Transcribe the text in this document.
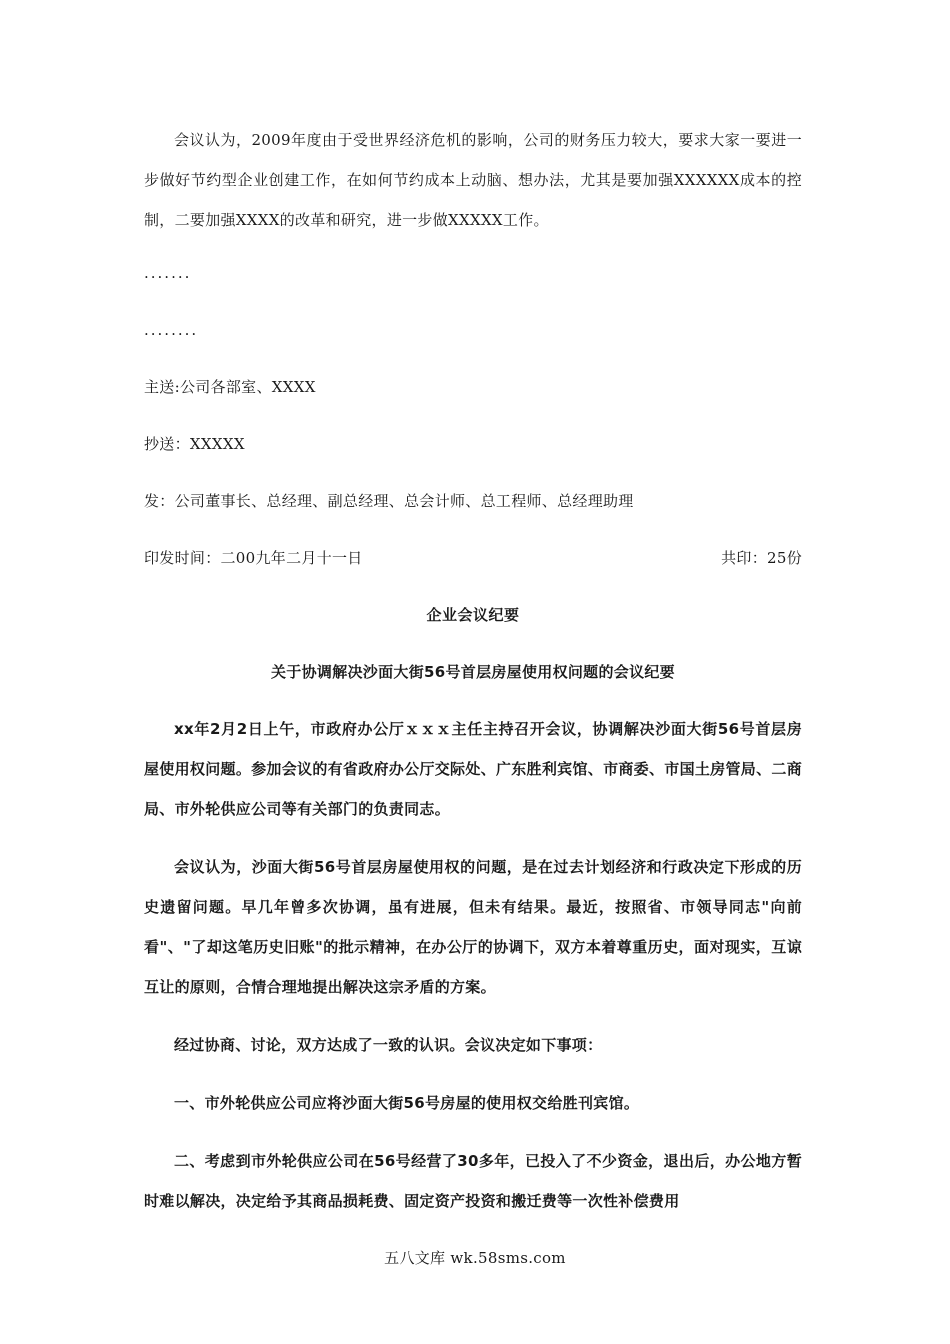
会议认为，2009年度由于受世界经济危机的影响，公司的财务压力较大，要求大家一要进一步做好节约型企业创建工作，在如何节约成本上动脑、想办法，尤其是要加强XXXXXX成本的控制，二要加强XXXX的改革和研究，进一步做XXXXX工作。

.......

........

主送:公司各部室、XXXX

抄送：XXXXX

发：公司董事长、总经理、副总经理、总会计师、总工程师、总经理助理

印发时间：二00九年二月十一日	共印：25份

企业会议纪要

关于协调解决沙面大街56号首层房屋使用权问题的会议纪要

xx年2月2日上午，市政府办公厅ｘｘｘ主任主持召开会议，协调解决沙面大街56号首层房屋使用权问题。参加会议的有省政府办公厅交际处、广东胜利宾馆、市商委、市国土房管局、二商局、市外轮供应公司等有关部门的负责同志。

会议认为，沙面大街56号首层房屋使用权的问题，是在过去计划经济和行政决定下形成的历史遗留问题。早几年曾多次协调，虽有进展，但未有结果。最近，按照省、市领导同志"向前看"、"了却这笔历史旧账"的批示精神，在办公厅的协调下，双方本着尊重历史，面对现实，互谅互让的原则，合情合理地提出解决这宗矛盾的方案。

经过协商、讨论，双方达成了一致的认识。会议决定如下事项：

一、市外轮供应公司应将沙面大街56号房屋的使用权交给胜刊宾馆。

二、考虑到市外轮供应公司在56号经营了30多年，已投入了不少资金，退出后，办公地方暂时难以解决，决定给予其商品损耗费、固定资产投资和搬迁费等一次性补偿费用

五八文库 wk.58sms.com
